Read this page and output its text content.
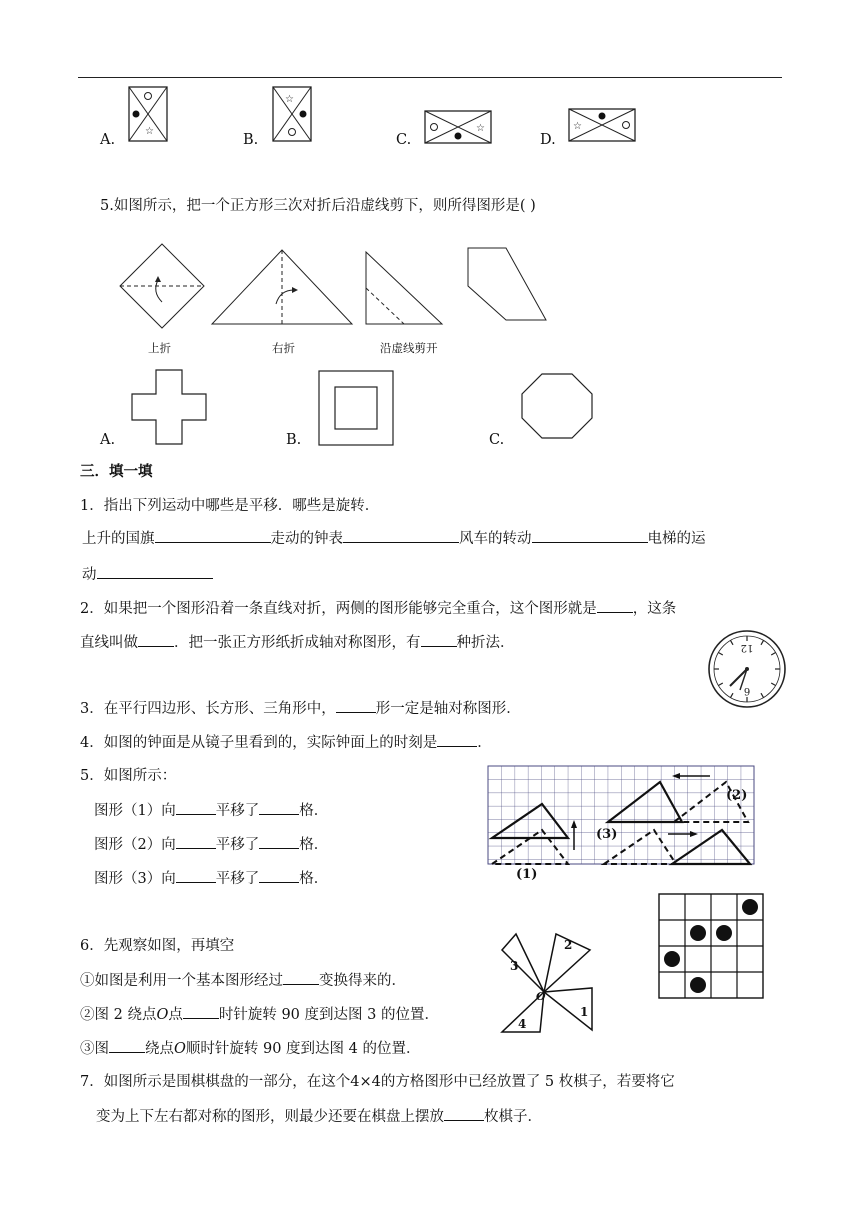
A.
☆
B.
☆
C.
☆
D.
☆
5.如图所示，把一个正方形三次对折后沿虚线剪下，则所得图形是( )
上折	右折	沿虚线剪开
A.	B.	C.
三．填一填
1．指出下列运动中哪些是平移．哪些是旋转．
上升的国旗	走动的钟表	风车的转动	电梯的运
动
2．如果把一个图形沿着一条直线对折，两侧的图形能够完全重合，这个图形就是 ，这条
直线叫做 ．把一张正方形纸折成轴对称图形，有 种折法．	12
6
3．在平行四边形、长方形、三角形中，	形一定是轴对称图形．
4．如图的钟面是从镜子里看到的，实际钟面上的时刻是	．
5．如图所示：
图形（1）向	平移了	格．
图形（2）向	平移了	格．
图形（3）向	平移了	格．	(1)
(2)
(3)
2
3
1
4
O
6．先观察如图，再填空
①如图是利用一个基本图形经过 变换得来的．
②图 2 绕点O点 时针旋转 90 度到达图 3 的位置．
③图 绕点O顺时针旋转 90 度到达图 4 的位置．
7．如图所示是围棋棋盘的一部分，在这个4×4的方格图形中已经放置了 5 枚棋子，若要将它
变为上下左右都对称的图形，则最少还要在棋盘上摆放	枚棋子．
